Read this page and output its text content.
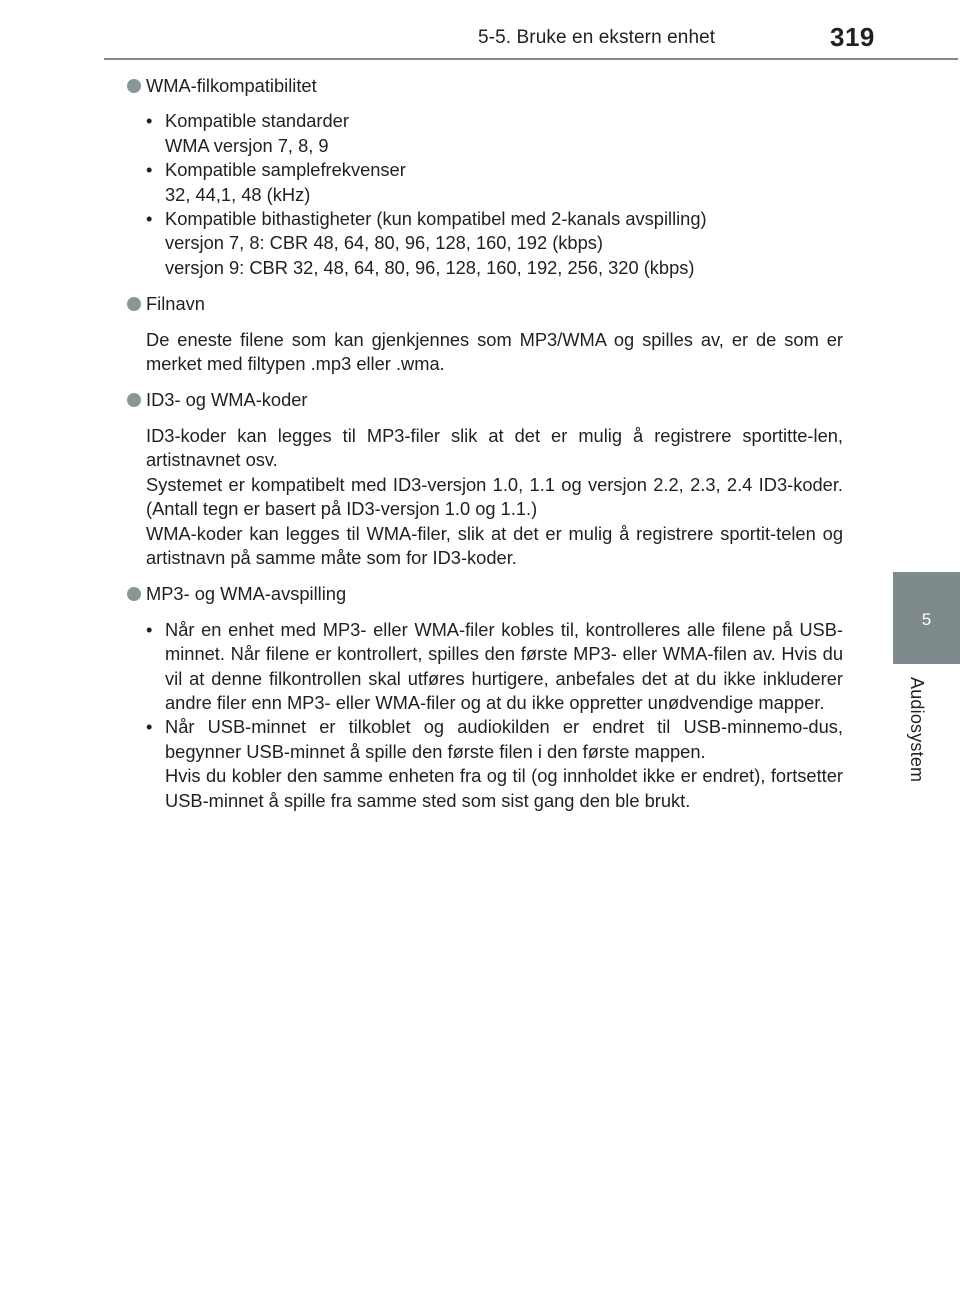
5-5. Bruke en ekstern enhet	319
5
Audiosystem
WMA-filkompatibilitet
• Kompatible standarder
WMA versjon 7, 8, 9
• Kompatible samplefrekvenser
32, 44,1, 48 (kHz)
• Kompatible bithastigheter (kun kompatibel med 2-kanals avspilling)
versjon 7, 8: CBR 48, 64, 80, 96, 128, 160, 192 (kbps)
versjon 9: CBR 32, 48, 64, 80, 96, 128, 160, 192, 256, 320 (kbps)
Filnavn
De eneste filene som kan gjenkjennes som MP3/WMA og spilles av, er de som er merket med filtypen .mp3 eller .wma.
ID3- og WMA-koder
ID3-koder kan legges til MP3-filer slik at det er mulig å registrere sportitte-len, artistnavnet osv.
Systemet er kompatibelt med ID3-versjon 1.0, 1.1 og versjon 2.2, 2.3, 2.4 ID3-koder. (Antall tegn er basert på ID3-versjon 1.0 og 1.1.)
WMA-koder kan legges til WMA-filer, slik at det er mulig å registrere sportit-telen og artistnavn på samme måte som for ID3-koder.
MP3- og WMA-avspilling
• Når en enhet med MP3- eller WMA-filer kobles til, kontrolleres alle filene på USB-minnet. Når filene er kontrollert, spilles den første MP3- eller WMA-filen av. Hvis du vil at denne filkontrollen skal utføres hurtigere, anbefales det at du ikke inkluderer andre filer enn MP3- eller WMA-filer og at du ikke oppretter unødvendige mapper.
• Når USB-minnet er tilkoblet og audiokilden er endret til USB-minnemo-dus, begynner USB-minnet å spille den første filen i den første mappen.
Hvis du kobler den samme enheten fra og til (og innholdet ikke er endret), fortsetter USB-minnet å spille fra samme sted som sist gang den ble brukt.
